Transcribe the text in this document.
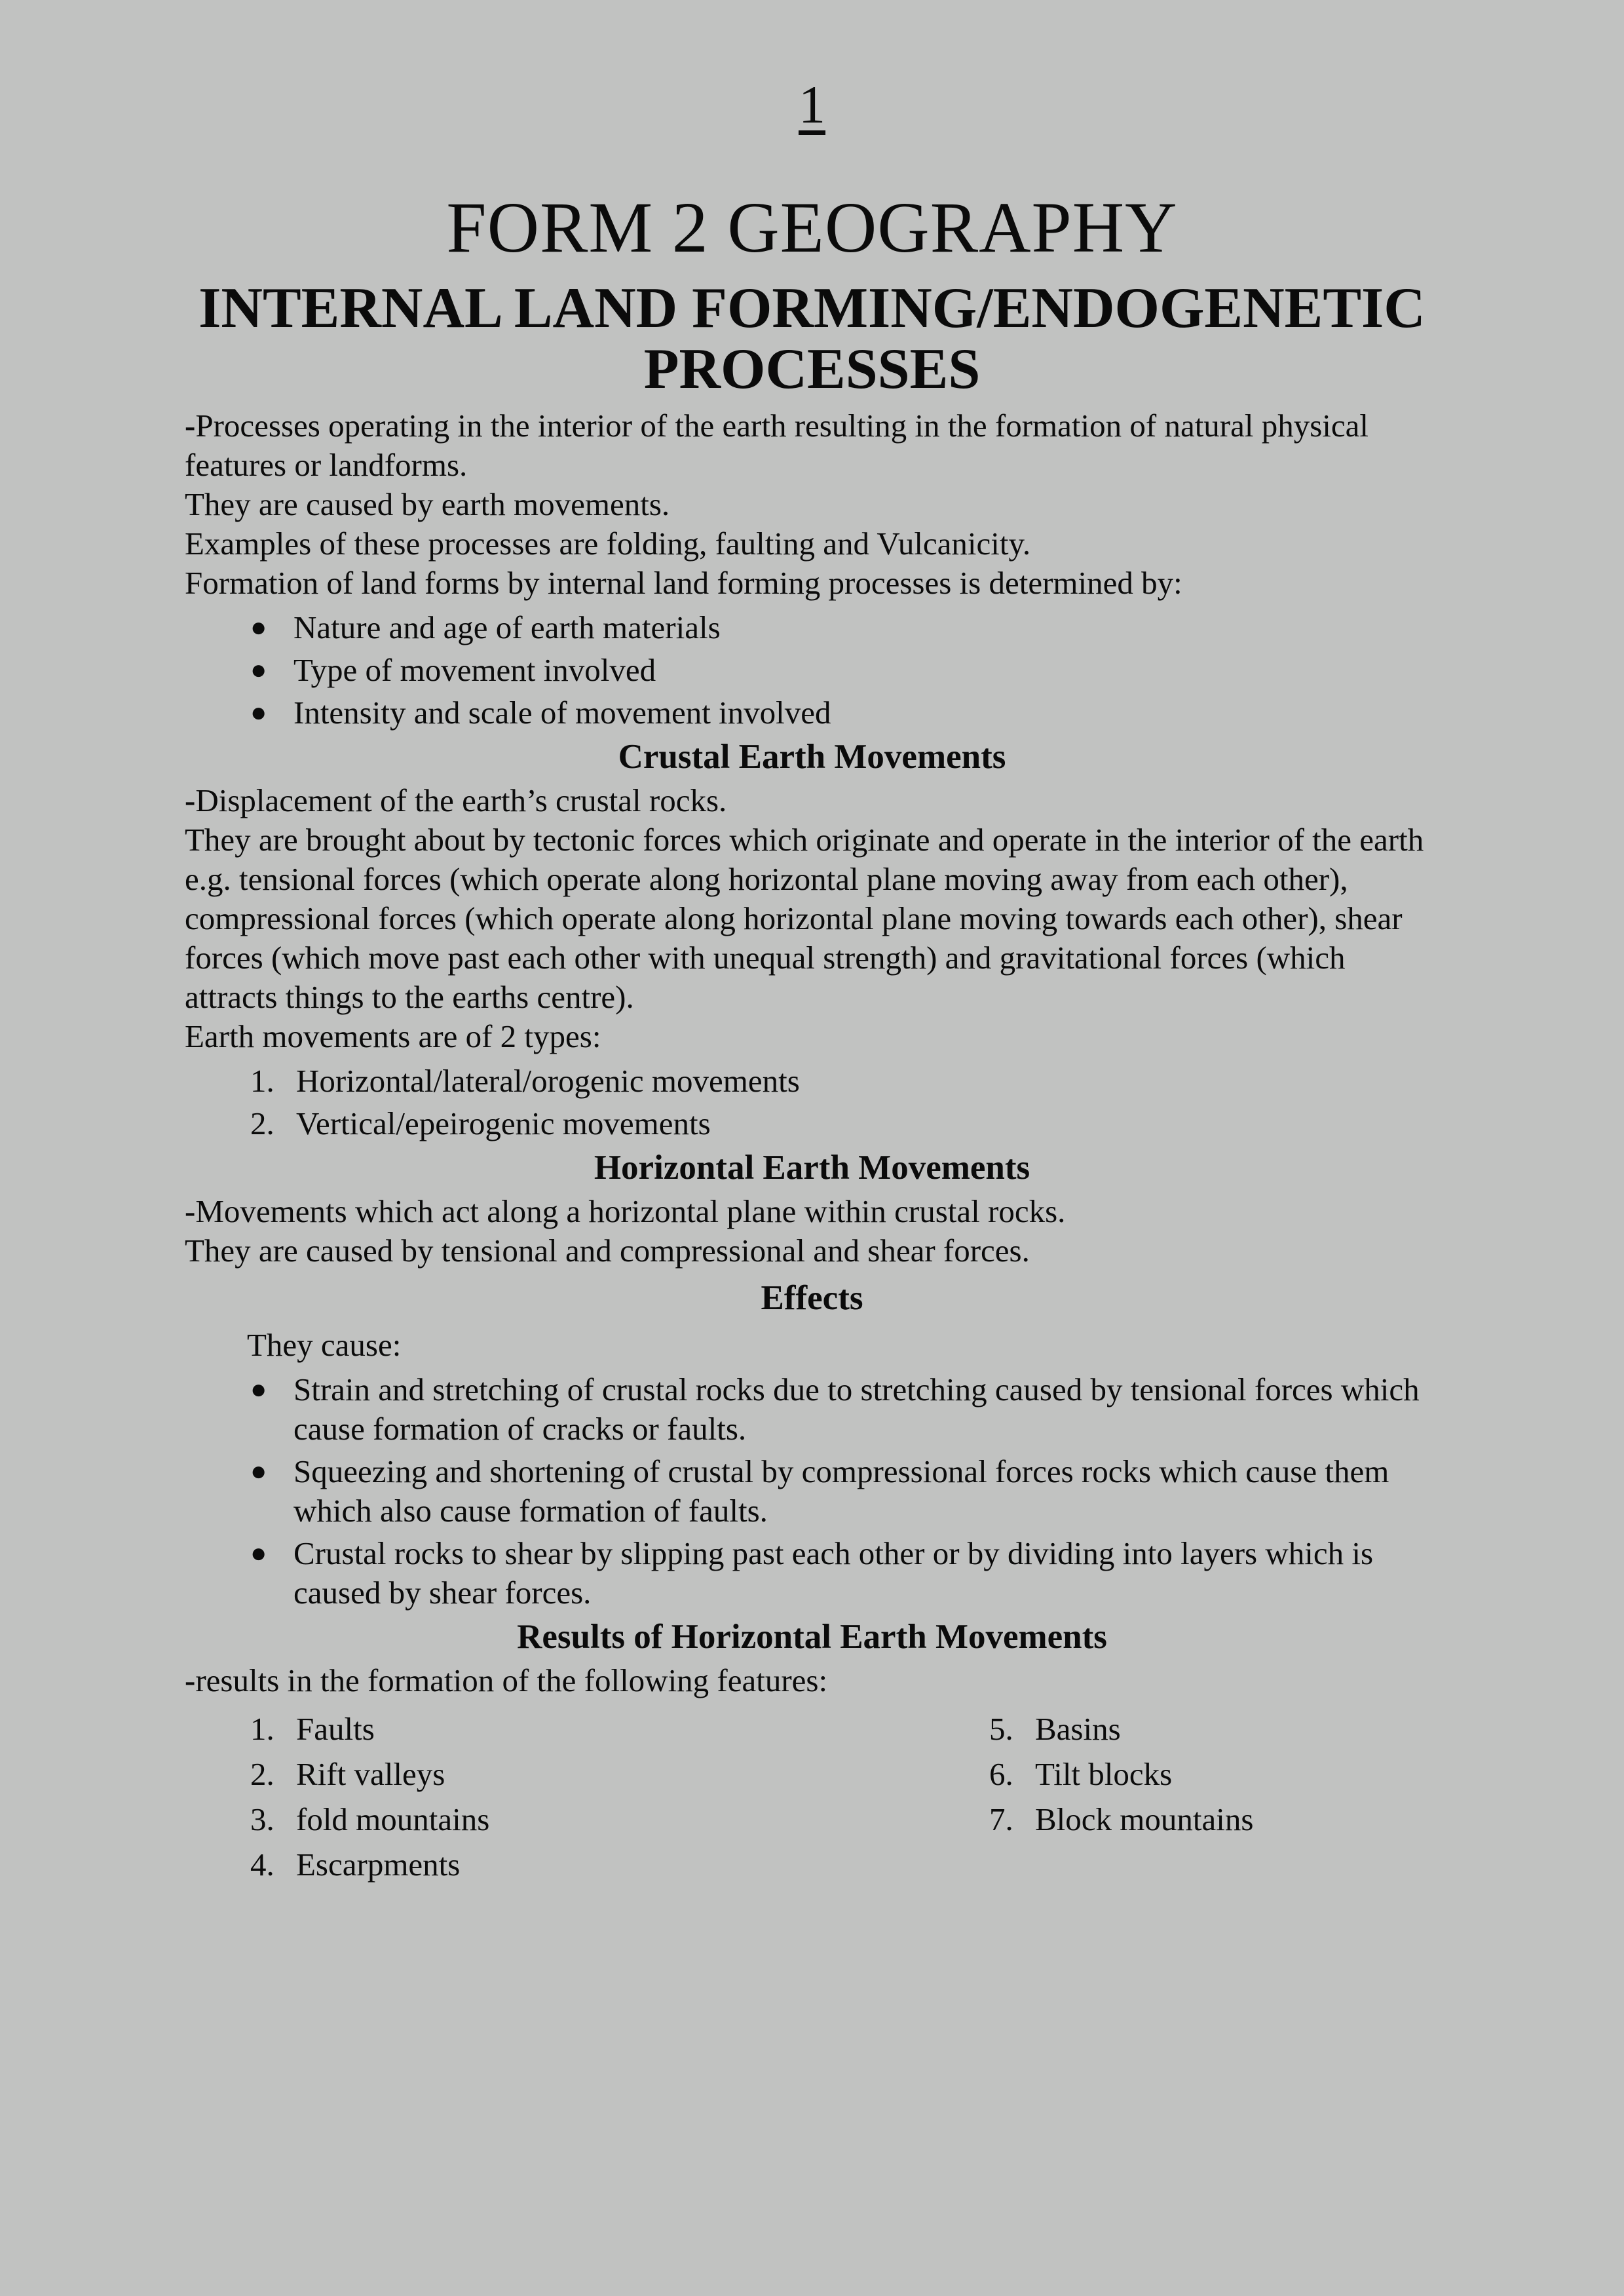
1
FORM 2 GEOGRAPHY
INTERNAL LAND FORMING/ENDOGENETIC
PROCESSES

-Processes operating in the interior of the earth resulting in the formation of natural physical features or landforms.

They are caused by earth movements.

Examples of these processes are folding, faulting and Vulcanicity.

Formation of land forms by internal land forming processes is determined by:

● Nature and age of earth materials
● Type of movement involved
● Intensity and scale of movement involved
Crustal Earth Movements

-Displacement of the earth’s crustal rocks.

They are brought about by tectonic forces which originate and operate in the interior of the earth e.g. tensional forces (which operate along horizontal plane moving away from each other), compressional forces (which operate along horizontal plane moving towards each other), shear forces (which move past each other with unequal strength) and gravitational forces (which attracts things to the earths centre).

Earth movements are of 2 types:

1. Horizontal/lateral/orogenic movements
2. Vertical/epeirogenic movements
Horizontal Earth Movements

-Movements which act along a horizontal plane within crustal rocks.

They are caused by tensional and compressional and shear forces.

Effects

They cause:

● Strain and stretching of crustal rocks due to stretching caused by tensional forces which cause formation of cracks or faults.
● Squeezing and shortening of crustal by compressional forces rocks which cause them which also cause formation of faults.
● Crustal rocks to shear by slipping past each other or by dividing into layers which is caused by shear forces.
Results of Horizontal Earth Movements

-results in the formation of the following features:

1. Faults
2. Rift valleys
3. fold mountains
4. Escarpments
5. Basins
6. Tilt blocks
7. Block mountains
